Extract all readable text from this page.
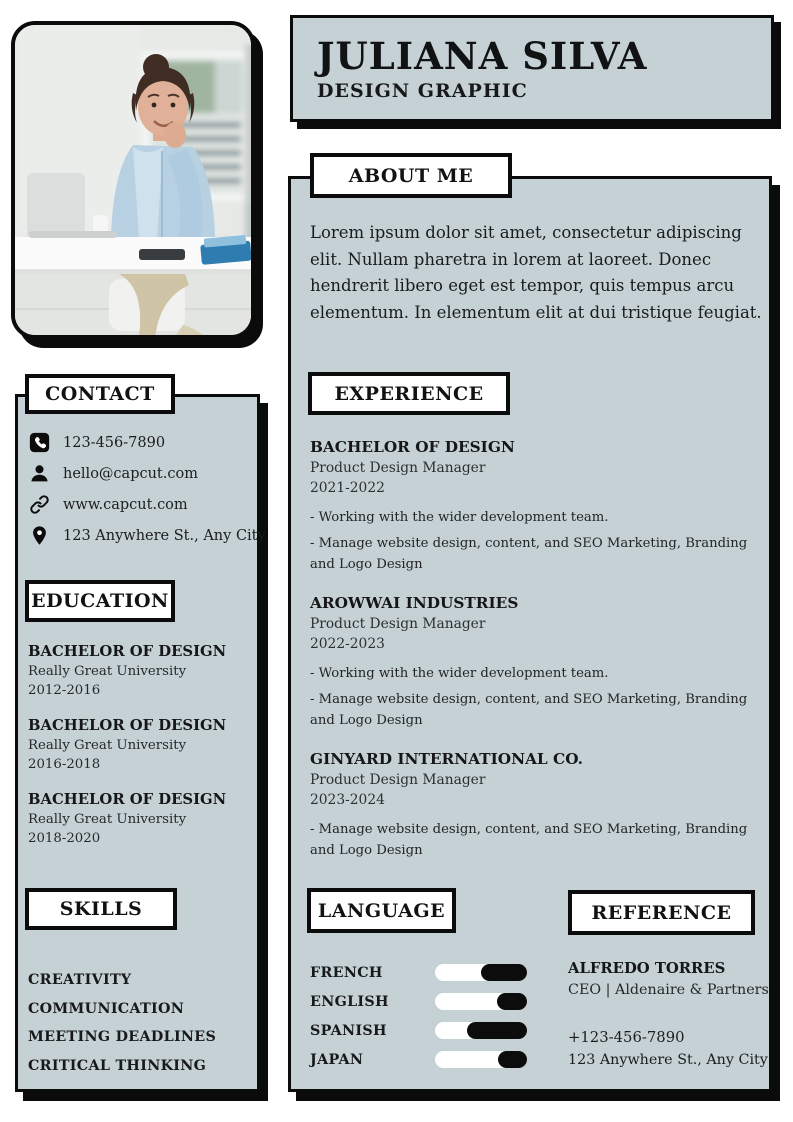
JULIANA SILVA
DESIGN GRAPHIC
CONTACT
EDUCATION
SKILLS
ABOUT ME
EXPERIENCE
LANGUAGE	REFERENCE
123-456-7890
hello@capcut.com
www.capcut.com
123 Anywhere St., Any City
BACHELOR OF DESIGN
Really Great University
2012-2016
BACHELOR OF DESIGN
Really Great University
2016-2018
BACHELOR OF DESIGN
Really Great University
2018-2020
CREATIVITY
COMMUNICATION
MEETING DEADLINES
CRITICAL THINKING

Lorem ipsum dolor sit amet, consectetur adipiscing elit. Nullam pharetra in lorem at laoreet. Donec hendrerit libero eget est tempor, quis tempus arcu elementum. In elementum elit at dui tristique feugiat.

BACHELOR OF DESIGN
Product Design Manager
2021-2022
- Working with the wider development team.
- Manage website design, content, and SEO Marketing, Branding and Logo Design
AROWWAI INDUSTRIES
Product Design Manager
2022-2023
- Working with the wider development team.
- Manage website design, content, and SEO Marketing, Branding and Logo Design
GINYARD INTERNATIONAL CO.
Product Design Manager
2023-2024
- Manage website design, content, and SEO Marketing, Branding and Logo Design
FRENCH
ENGLISH
SPANISH
JAPAN
ALFREDO TORRES
CEO | Aldenaire & Partners
+123-456-7890
123 Anywhere St., Any City
